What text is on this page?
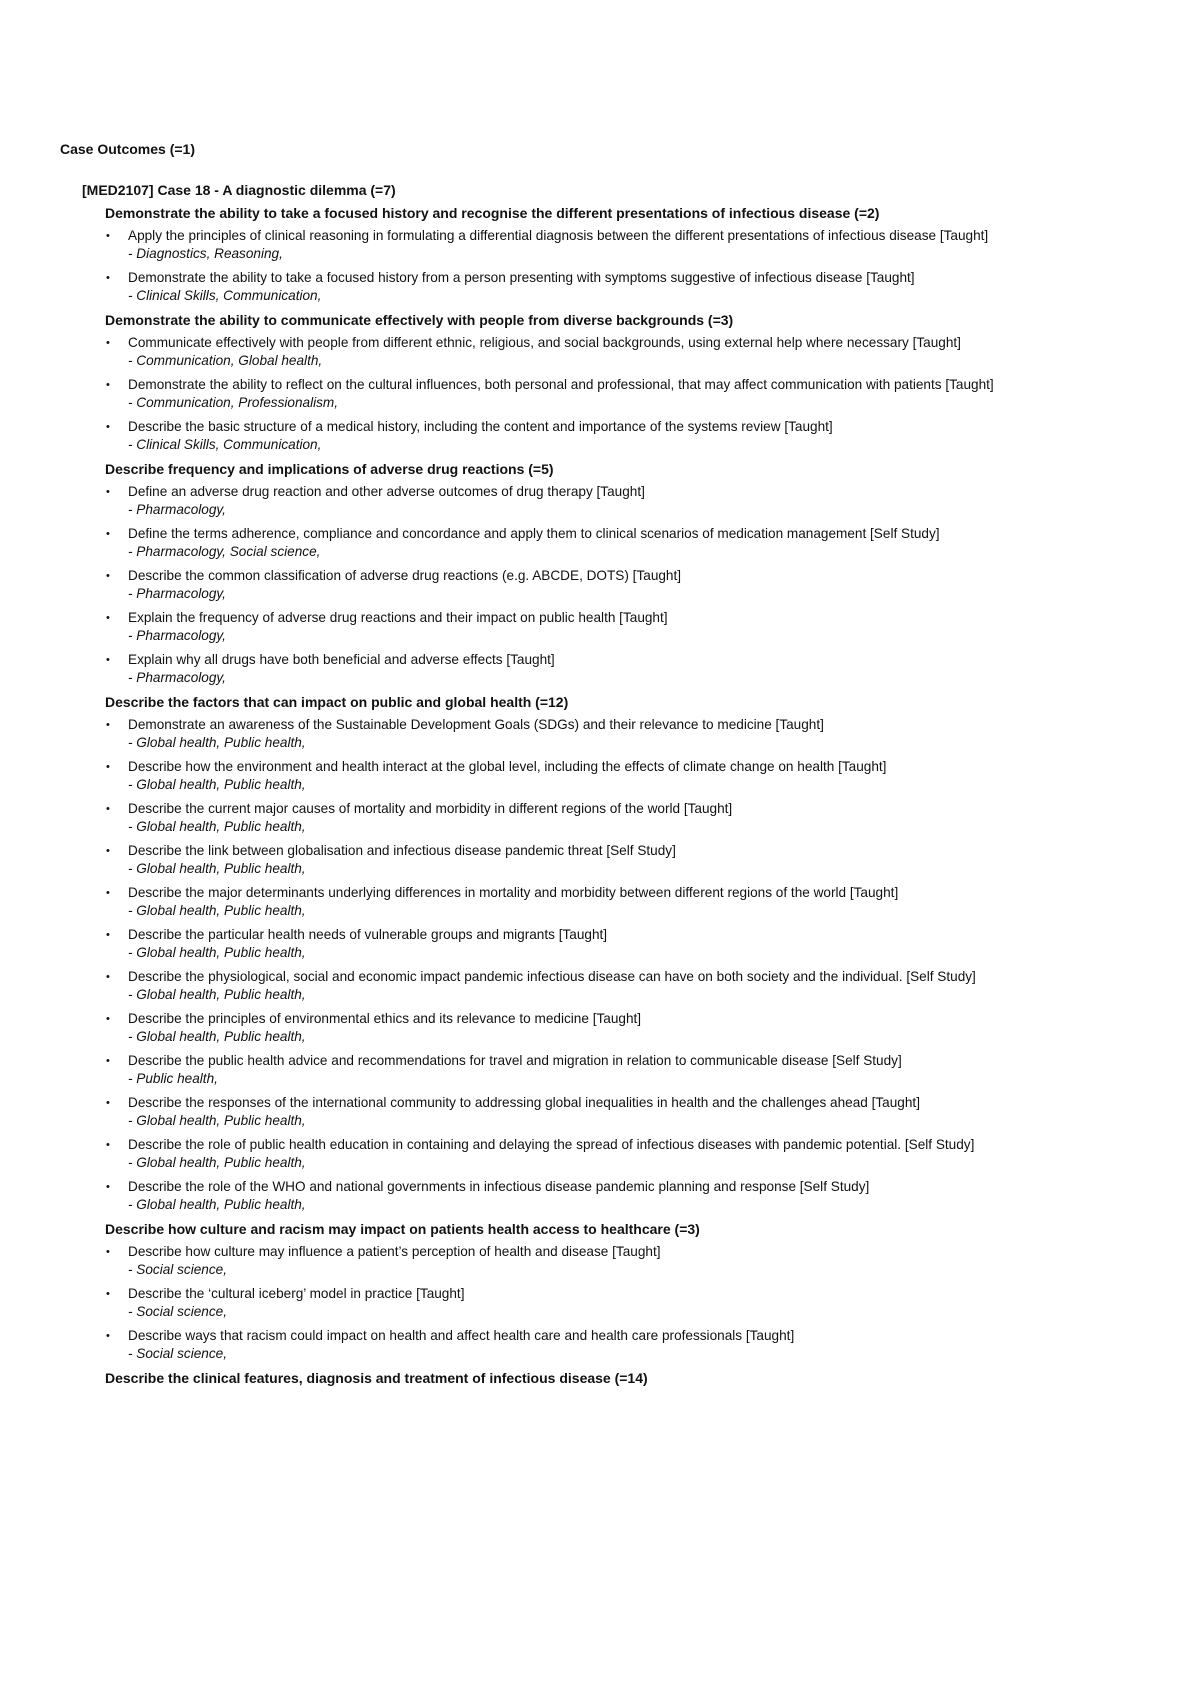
Case Outcomes (=1)
[MED2107] Case 18 - A diagnostic dilemma (=7)
Demonstrate the ability to take a focused history and recognise the different presentations of infectious disease (=2)
• Apply the principles of clinical reasoning in formulating a differential diagnosis between the different presentations of infectious disease [Taught]
- Diagnostics, Reasoning,
• Demonstrate the ability to take a focused history from a person presenting with symptoms suggestive of infectious disease [Taught]
- Clinical Skills, Communication,
Demonstrate the ability to communicate effectively with people from diverse backgrounds (=3)
• Communicate effectively with people from different ethnic, religious, and social backgrounds, using external help where necessary [Taught]
- Communication, Global health,
• Demonstrate the ability to reflect on the cultural influences, both personal and professional, that may affect communication with patients [Taught]
- Communication, Professionalism,
• Describe the basic structure of a medical history, including the content and importance of the systems review [Taught]
- Clinical Skills, Communication,
Describe frequency and implications of adverse drug reactions (=5)
• Define an adverse drug reaction and other adverse outcomes of drug therapy [Taught]
- Pharmacology,
• Define the terms adherence, compliance and concordance and apply them to clinical scenarios of medication management [Self Study]
- Pharmacology, Social science,
• Describe the common classification of adverse drug reactions (e.g. ABCDE, DOTS) [Taught]
- Pharmacology,
• Explain the frequency of adverse drug reactions and their impact on public health [Taught]
- Pharmacology,
• Explain why all drugs have both beneficial and adverse effects [Taught]
- Pharmacology,
Describe the factors that can impact on public and global health (=12)
• Demonstrate an awareness of the Sustainable Development Goals (SDGs) and their relevance to medicine [Taught]
- Global health, Public health,
• Describe how the environment and health interact at the global level, including the effects of climate change on health [Taught]
- Global health, Public health,
• Describe the current major causes of mortality and morbidity in different regions of the world [Taught]
- Global health, Public health,
• Describe the link between globalisation and infectious disease pandemic threat [Self Study]
- Global health, Public health,
• Describe the major determinants underlying differences in mortality and morbidity between different regions of the world [Taught]
- Global health, Public health,
• Describe the particular health needs of vulnerable groups and migrants [Taught]
- Global health, Public health,
• Describe the physiological, social and economic impact pandemic infectious disease can have on both society and the individual. [Self Study]
- Global health, Public health,
• Describe the principles of environmental ethics and its relevance to medicine [Taught]
- Global health, Public health,
• Describe the public health advice and recommendations for travel and migration in relation to communicable disease [Self Study]
- Public health,
• Describe the responses of the international community to addressing global inequalities in health and the challenges ahead [Taught]
- Global health, Public health,
• Describe the role of public health education in containing and delaying the spread of infectious diseases with pandemic potential. [Self Study]
- Global health, Public health,
• Describe the role of the WHO and national governments in infectious disease pandemic planning and response [Self Study]
- Global health, Public health,
Describe how culture and racism may impact on patients health access to healthcare (=3)
• Describe how culture may influence a patient’s perception of health and disease [Taught]
- Social science,
• Describe the ‘cultural iceberg’ model in practice [Taught]
- Social science,
• Describe ways that racism could impact on health and affect health care and health care professionals [Taught]
- Social science,
Describe the clinical features, diagnosis and treatment of infectious disease (=14)
